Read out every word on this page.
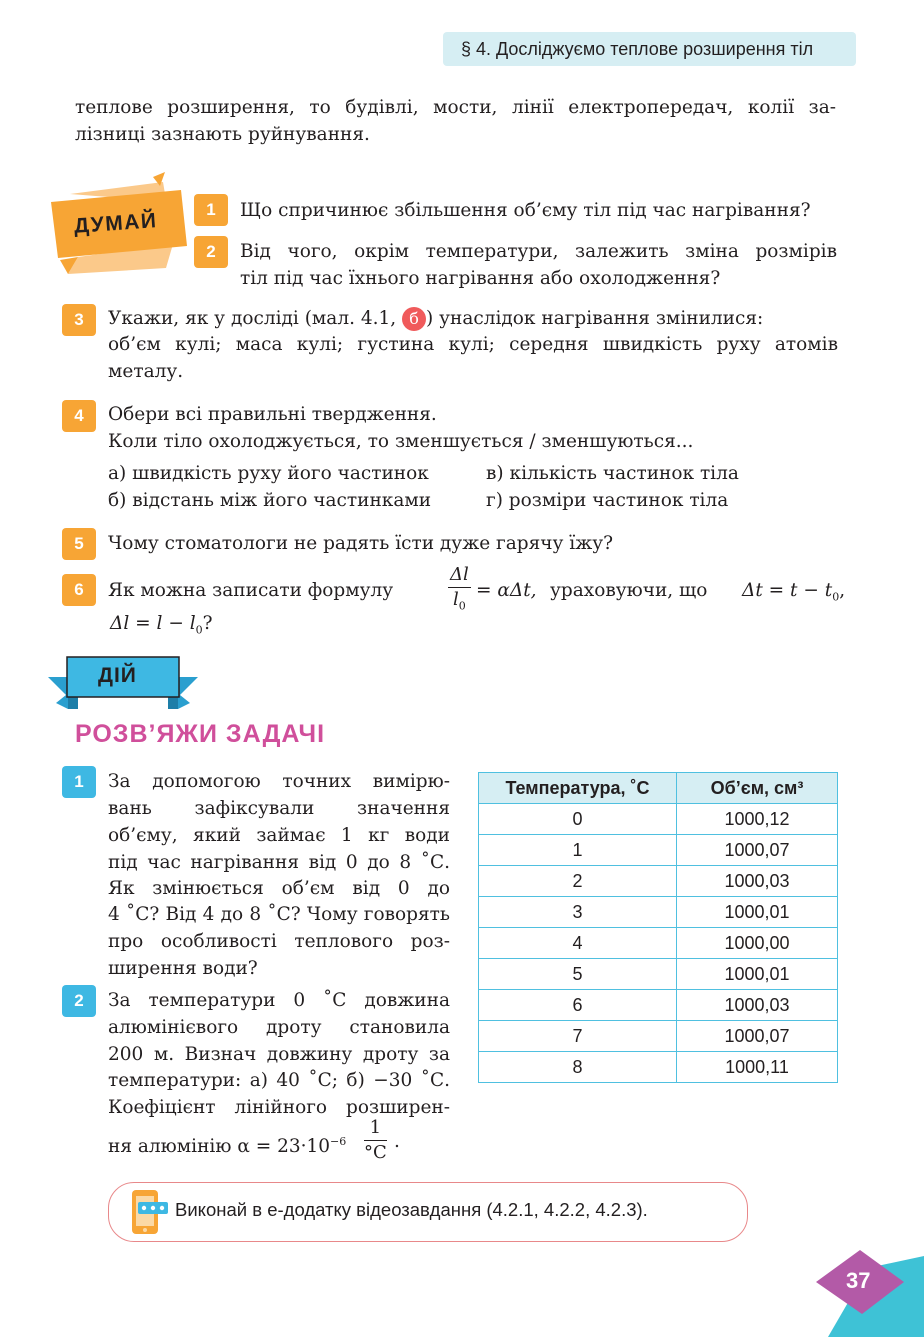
§ 4. Досліджуємо теплове розширення тіл
теплове розширення, то будівлі, мости, лінії електропередач, колії за-
лізниці зазнають руйнування.
ДУМАЙ	1	Що спричинює збільшення об’єму тіл під час нагрівання?
2	Від чого, окрім температури, залежить зміна розмірів
тіл під час їхнього нагрівання або охолодження?
3	Укажи, як у досліді (мал. 4.1, б ) унаслідок нагрівання змінилися:
об’єм кулі; маса кулі; густина кулі; середня швидкість руху атомів
металу.
4	Обери всі правильні твердження.
Коли тіло охолоджується, то зменшується / зменшуються...
а) швидкість руху його частинок	в) кількість частинок тіла
б) відстань між його частинками	г) розміри частинок тіла
5	Чому стоматологи не радять їсти дуже гарячу їжу?
6	Як можна записати формулу	$\frac{\Delta l}{l_0} = \alpha\Delta t$, ураховуючи, що $\Delta t = t - t_0$,
$\Delta l = l - l_0$?
ДІЙ
РОЗВ’ЯЖИ ЗАДАЧІ
1	За допомогою точних вимірю-
вань зафіксували значення
об’єму, який займає 1 кг води
під час нагрівання від 0 до 8 ˚С.
Як змінюється об’єм від 0 до
4 ˚С? Від 4 до 8 ˚С? Чому говорять
про особливості теплового роз-
ширення води?
2	За температури 0 ˚С довжина
алюмінієвого дроту становила
200 м. Визнач довжину дроту за
температури: а) 40 ˚С; б) −30 ˚С.
Коефіцієнт лінійного розширен-
ня алюмінію $\alpha = 23\cdot 10^{-6} \frac{1}{^\circ С}$ .
Температура, ˚С	Об’єм, см³
0	1000,12
1	1000,07
2	1000,03
3	1000,01
4	1000,00
5	1000,01
6	1000,03
7	1000,07
8	1000,11
Виконай в е-додатку відеозавдання (4.2.1, 4.2.2, 4.2.3).
37
